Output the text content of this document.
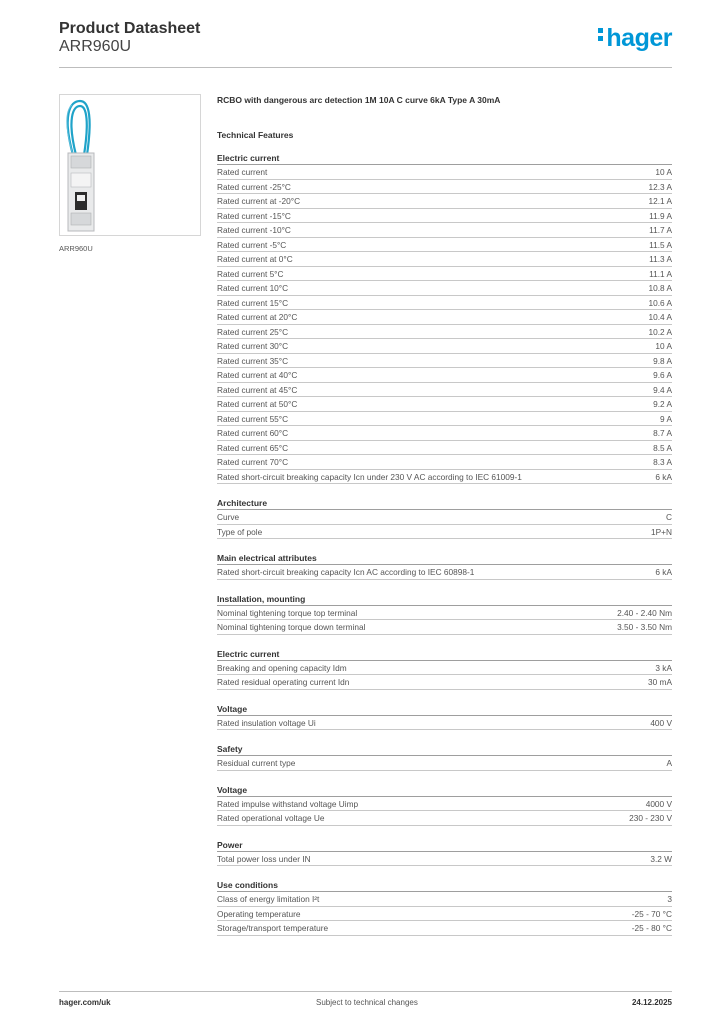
Product Datasheet
ARR960U	hager
ARR960U
RCBO with dangerous arc detection 1M 10A C curve 6kA Type A 30mA
Technical Features
Electric current
Rated current	10 A
Rated current -25°C	12.3 A
Rated current at -20°C	12.1 A
Rated current -15°C	11.9 A
Rated current -10°C	11.7 A
Rated current -5°C	11.5 A
Rated current at 0°C	11.3 A
Rated current 5°C	11.1 A
Rated current 10°C	10.8 A
Rated current 15°C	10.6 A
Rated current at 20°C	10.4 A
Rated current 25°C	10.2 A
Rated current 30°C	10 A
Rated current 35°C	9.8 A
Rated current at 40°C	9.6 A
Rated current at 45°C	9.4 A
Rated current at 50°C	9.2 A
Rated current 55°C	9 A
Rated current 60°C	8.7 A
Rated current 65°C	8.5 A
Rated current 70°C	8.3 A
Rated short-circuit breaking capacity Icn under 230 V AC according to IEC 61009-1	6 kA
Architecture
Curve	C
Type of pole	1P+N
Main electrical attributes
Rated short-circuit breaking capacity Icn AC according to IEC 60898-1	6 kA
Installation, mounting
Nominal tightening torque top terminal	2.40 - 2.40 Nm
Nominal tightening torque down terminal	3.50 - 3.50 Nm
Electric current
Breaking and opening capacity Idm	3 kA
Rated residual operating current Idn	30 mA
Voltage
Rated insulation voltage Ui	400 V
Safety
Residual current type	A
Voltage
Rated impulse withstand voltage Uimp	4000 V
Rated operational voltage Ue	230 - 230 V
Power
Total power loss under IN	3.2 W
Use conditions
Class of energy limitation I²t	3
Operating temperature	-25 - 70 °C
Storage/transport temperature	-25 - 80 °C
hager.com/uk	Subject to technical changes	24.12.2025
